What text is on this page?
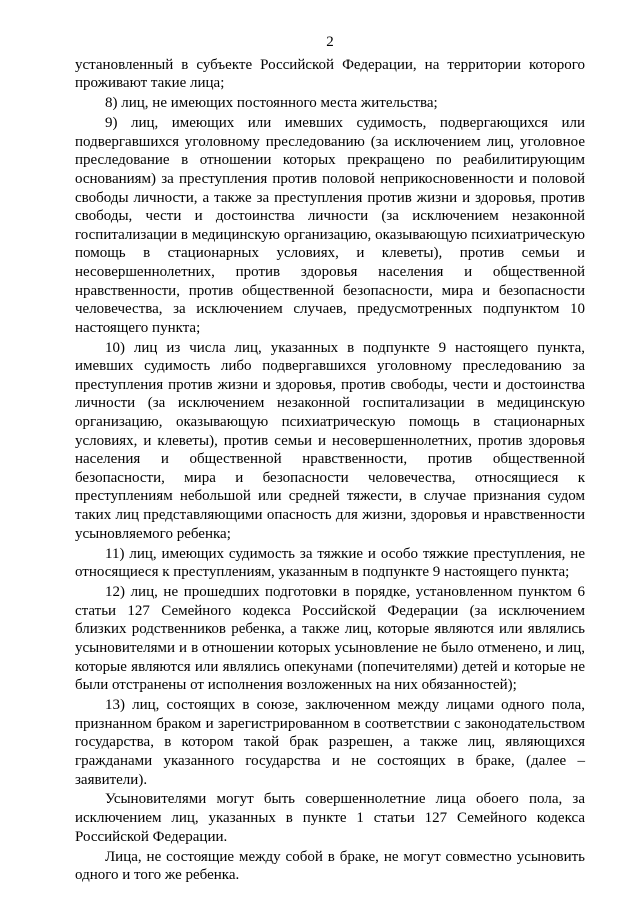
2

установленный в субъекте Российской Федерации, на территории которого проживают такие лица;

8) лиц, не имеющих постоянного места жительства;

9) лиц, имеющих или имевших судимость, подвергающихся или подвергавшихся уголовному преследованию (за исключением лиц, уголовное преследование в отношении которых прекращено по реабилитирующим основаниям) за преступления против половой неприкосновенности и половой свободы личности, а также за преступления против жизни и здоровья, против свободы, чести и достоинства личности (за исключением незаконной госпитализации в медицинскую организацию, оказывающую психиатрическую помощь в стационарных условиях, и клеветы), против семьи и несовершеннолетних, против здоровья населения и общественной нравственности, против общественной безопасности, мира и безопасности человечества, за исключением случаев, предусмотренных подпунктом 10 настоящего пункта;

10) лиц из числа лиц, указанных в подпункте 9 настоящего пункта, имевших судимость либо подвергавшихся уголовному преследованию за преступления против жизни и здоровья, против свободы, чести и достоинства личности (за исключением незаконной госпитализации в медицинскую организацию, оказывающую психиатрическую помощь в стационарных условиях, и клеветы), против семьи и несовершеннолетних, против здоровья населения и общественной нравственности, против общественной безопасности, мира и безопасности человечества, относящиеся к преступлениям небольшой или средней тяжести, в случае признания судом таких лиц представляющими опасность для жизни, здоровья и нравственности усыновляемого ребенка;

11) лиц, имеющих судимость за тяжкие и особо тяжкие преступления, не относящиеся к преступлениям, указанным в подпункте 9 настоящего пункта;

12) лиц, не прошедших подготовки в порядке, установленном пунктом 6 статьи 127 Семейного кодекса Российской Федерации (за исключением близких родственников ребенка, а также лиц, которые являются или являлись усыновителями и в отношении которых усыновление не было отменено, и лиц, которые являются или являлись опекунами (попечителями) детей и которые не были отстранены от исполнения возложенных на них обязанностей);

13) лиц, состоящих в союзе, заключенном между лицами одного пола, признанном браком и зарегистрированном в соответствии с законодательством государства, в котором такой брак разрешен, а также лиц, являющихся гражданами указанного государства и не состоящих в браке, (далее – заявители).

Усыновителями могут быть совершеннолетние лица обоего пола, за исключением лиц, указанных в пункте 1 статьи 127 Семейного кодекса Российской Федерации.

Лица, не состоящие между собой в браке, не могут совместно усыновить одного и того же ребенка.
